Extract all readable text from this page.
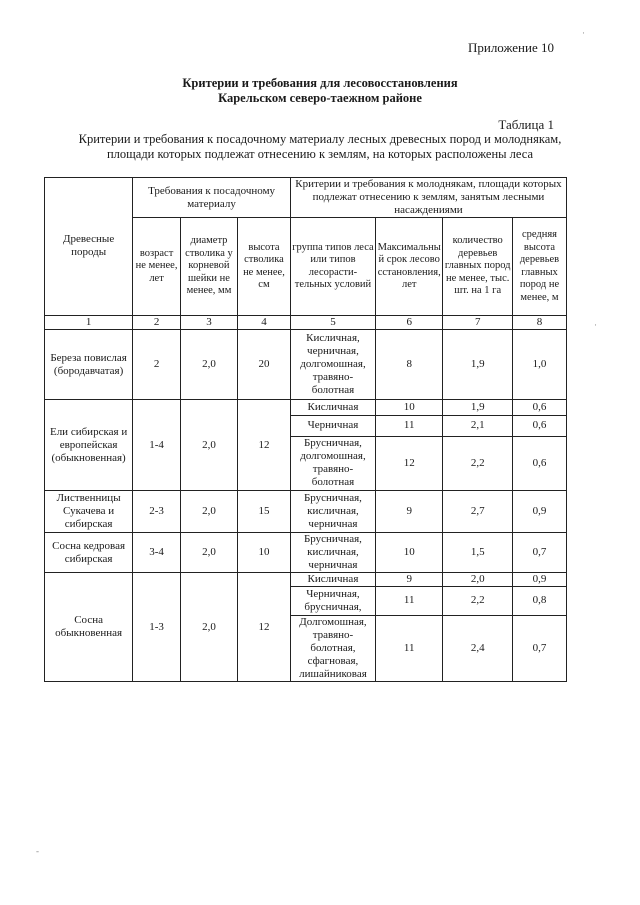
Приложение 10
Критерии и требования для лесовосстановления
Карельском северо-таежном районе
Таблица 1
Критерии и требования к посадочному материалу лесных древесных пород и молоднякам,
площади которых подлежат отнесению к землям, на которых расположены леса
Древесные породы	Требования к посадочному материалу			Критерии и требования к молоднякам, площади которых подлежат отнесению к землям, занятым лесными насаждениями			
	возраст не менее, лет	диаметр стволика у корневой шейки не менее, мм	высота стволика не менее, см	группа типов леса или типов лесорасти-тельных условий	Максимальный срок лесовосстановления,лет	количество деревьев главных пород не менее, тыс. шт. на 1 га	средняя высота деревьев главных пород не менее, м
1	2	3	4	5	6	7	8
Береза повислая (бородавчатая)	2	2,0	20	Кисличная, черничная, долгомошная, травяно-болотная	8	1,9	1,0
Ели сибирская и европейская (обыкновенная)	1-4	2,0	12	Кисличная	10	1,9	0,6
				Черничная	11	2,1	0,6
				Брусничная, долгомошная, травяно-болотная	12	2,2	0,6
Лиственницы Сукачева и сибирская	2-3	2,0	15	Брусничная, кисличная, черничная	9	2,7	0,9
Сосна кедровая сибирская	3-4	2,0	10	Брусничная, кисличная, черничная	10	1,5	0,7
Сосна обыкновенная	1-3	2,0	12	Кисличная	9	2,0	0,9
				Черничная, брусничная,	11	2,2	0,8
				Долгомошная, травяно-болотная, сфагновая, лишайниковая	11	2,4	0,7
·
·
-
